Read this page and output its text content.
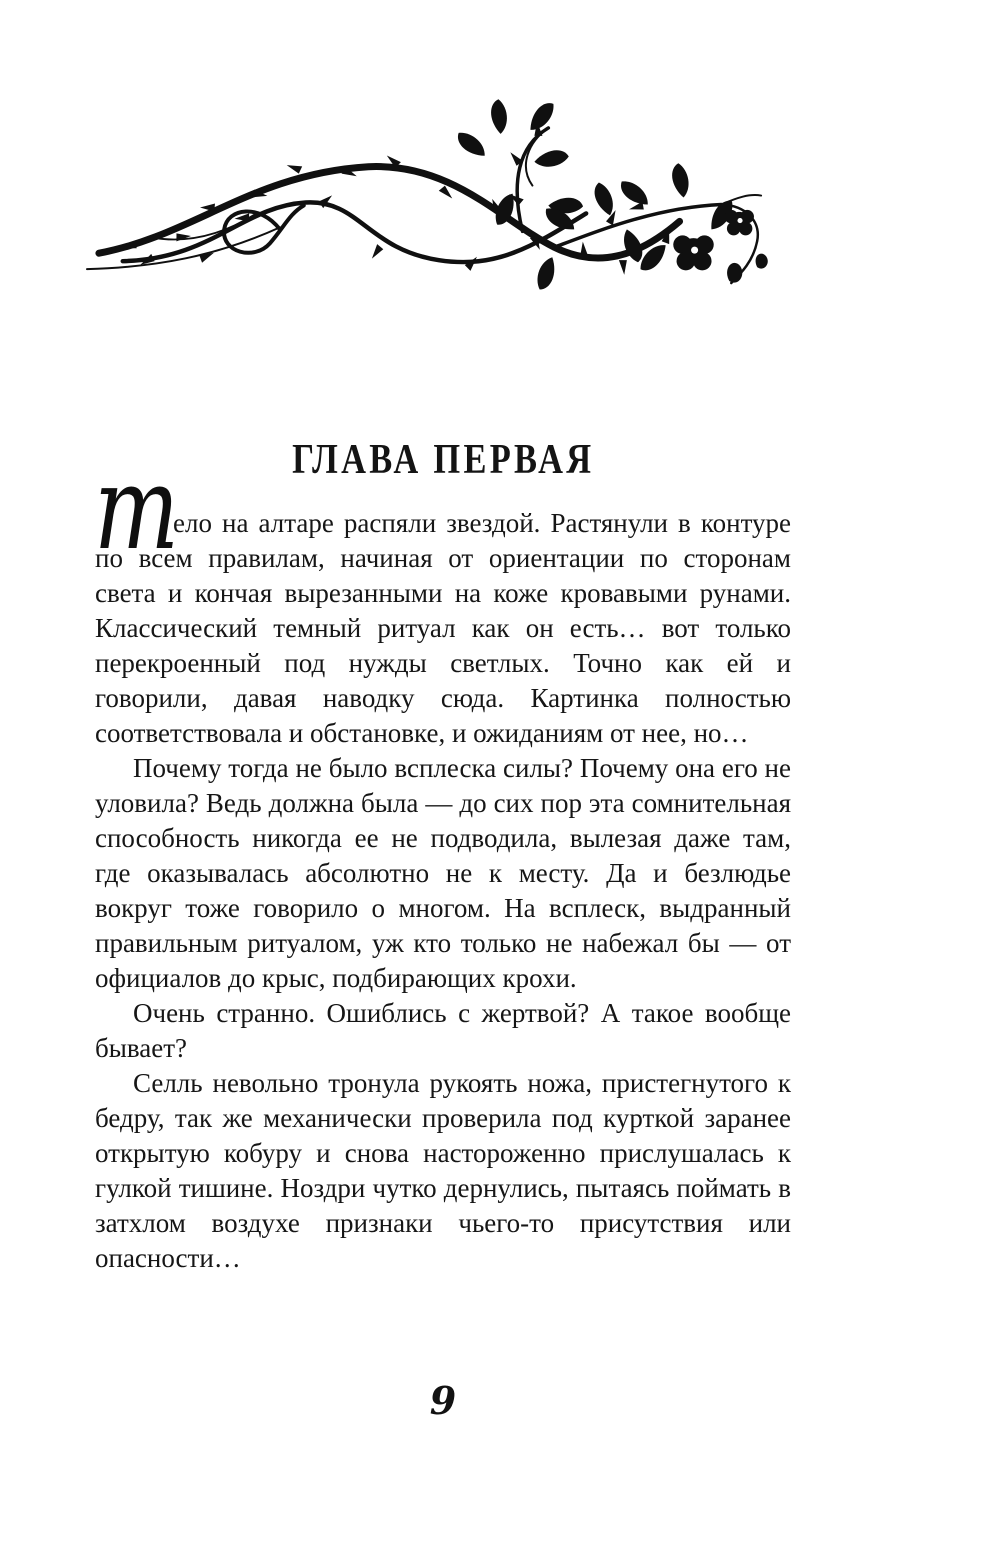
ГЛАВА ПЕРВАЯ
т

ело на алтаре распяли звездой. Растянули в контуре по всем правилам, начиная от ориентации по сторонам света и кончая вырезанными на коже кровавыми рунами. Классический темный ритуал как он есть… вот только перекроенный под нужды светлых. Точно как ей и говорили, давая наводку сюда. Картинка полностью соответствовала и обстановке, и ожиданиям от нее, но…

Почему тогда не было всплеска силы? Почему она его не уловила? Ведь должна была — до сих пор эта сомнительная способность никогда ее не подводила, вылезая даже там, где оказывалась абсолютно не к месту. Да и безлюдье вокруг тоже говорило о многом. На всплеск, выдранный правильным ритуалом, уж кто только не набежал бы — от официалов до крыс, подбирающих крохи.

Очень странно. Ошиблись с жертвой? А такое вообще бывает?

Селль невольно тронула рукоять ножа, пристегнутого к бедру, так же механически проверила под курткой заранее открытую кобуру и снова настороженно прислушалась к гулкой тишине. Ноздри чутко дернулись, пытаясь поймать в затхлом воздухе признаки чьего-то присутствия или опасности…

9
